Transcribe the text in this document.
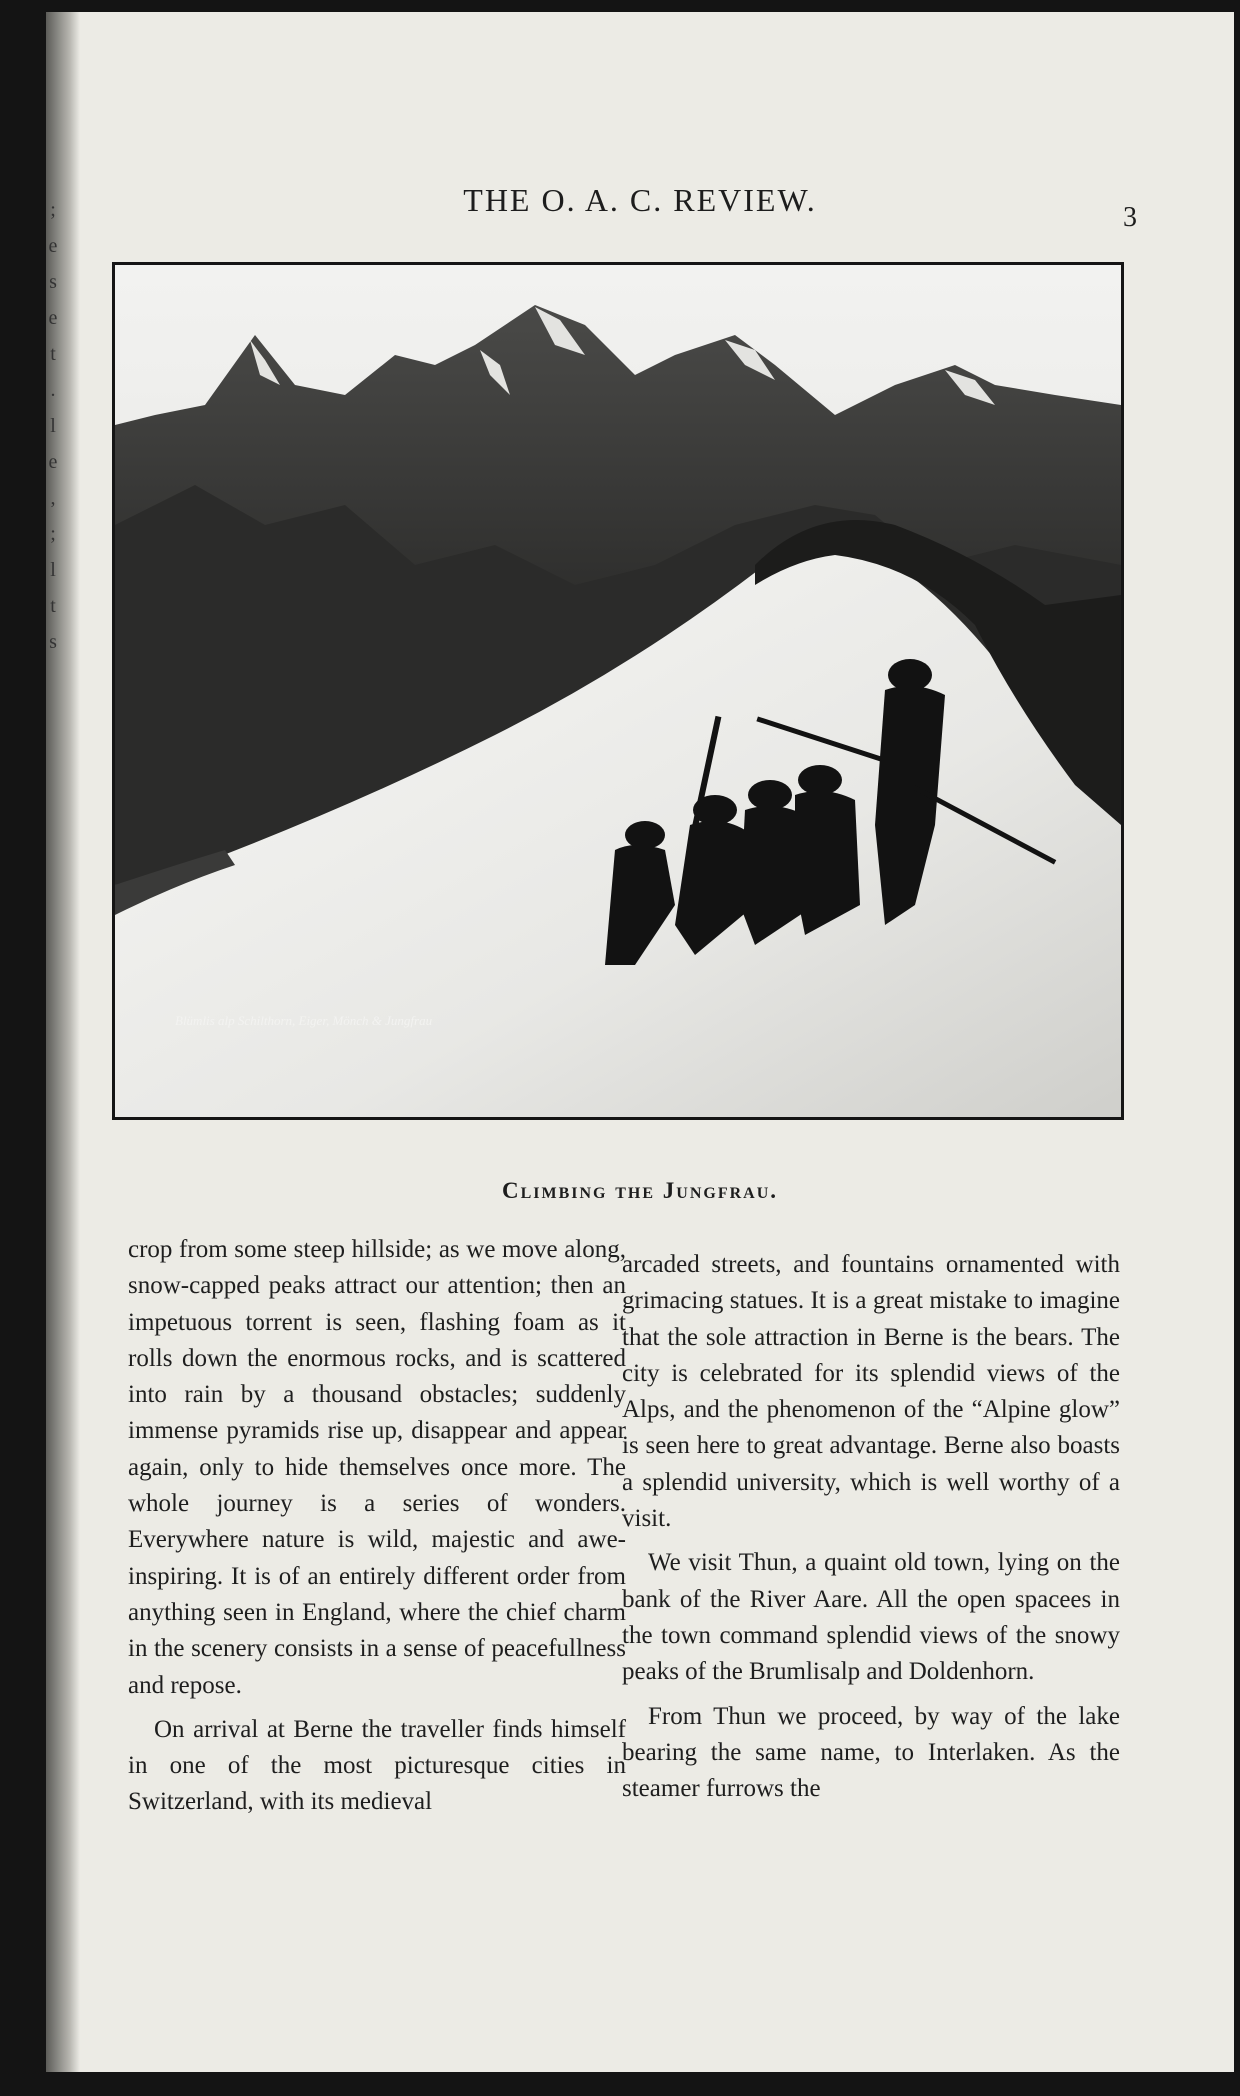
;
e
s
e
t
.
l
e
,
;
l
t
s
THE O. A. C. REVIEW.	3
Blümlis alp Schilthorn, Eiger, Mönch & Jungfrau
Climbing the Jungfrau.

crop from some steep hillside; as we move along, snow-capped peaks attract our attention; then an impetuous torrent is seen, flashing foam as it rolls down the enormous rocks, and is scattered into rain by a thousand obstacles; suddenly immense pyramids rise up, disappear and appear again, only to hide themselves once more. The whole journey is a series of wonders. Everywhere nature is wild, majestic and awe-inspiring. It is of an entirely different order from anything seen in England, where the chief charm in the scenery consists in a sense of peacefullness and repose.

On arrival at Berne the traveller finds himself in one of the most picturesque cities in Switzerland, with its medieval

arcaded streets, and fountains ornamented with grimacing statues. It is a great mistake to imagine that the sole attraction in Berne is the bears. The city is celebrated for its splendid views of the Alps, and the phenomenon of the “Alpine glow” is seen here to great advantage. Berne also boasts a splendid university, which is well worthy of a visit.

We visit Thun, a quaint old town, lying on the bank of the River Aare. All the open spacees in the town command splendid views of the snowy peaks of the Brumlisalp and Doldenhorn.

From Thun we proceed, by way of the lake bearing the same name, to Interlaken. As the steamer furrows the
